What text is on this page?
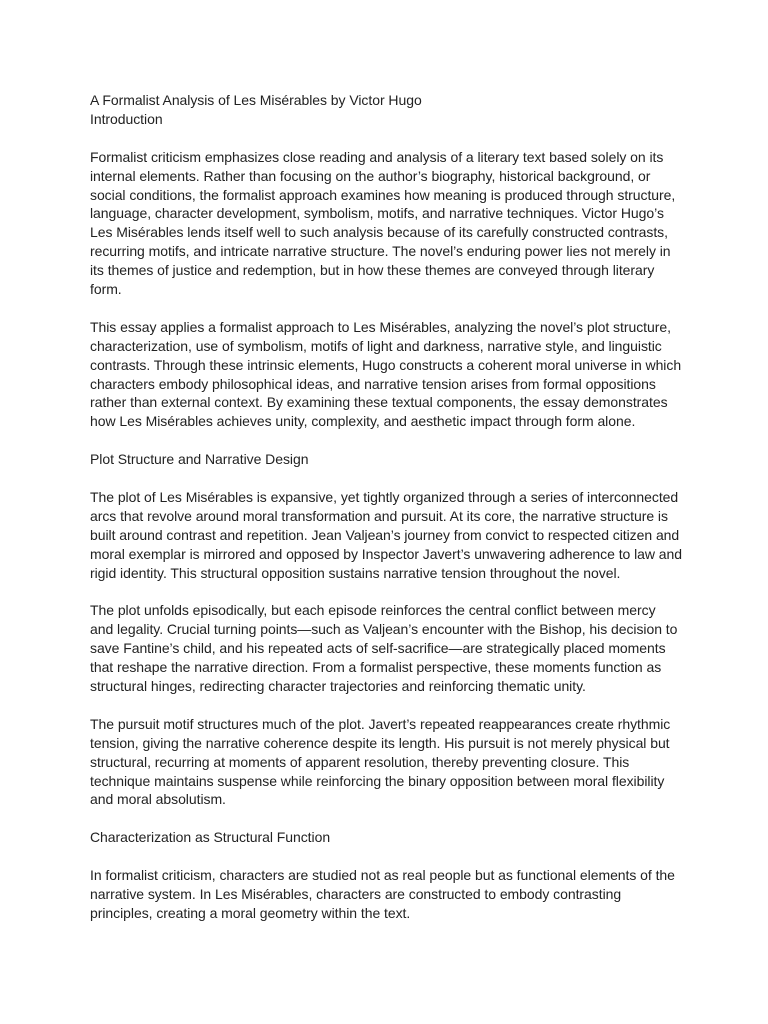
A Formalist Analysis of Les Misérables by Victor Hugo

Introduction

Formalist criticism emphasizes close reading and analysis of a literary text based solely on its internal elements. Rather than focusing on the author’s biography, historical background, or social conditions, the formalist approach examines how meaning is produced through structure, language, character development, symbolism, motifs, and narrative techniques. Victor Hugo’s Les Misérables lends itself well to such analysis because of its carefully constructed contrasts, recurring motifs, and intricate narrative structure. The novel’s enduring power lies not merely in its themes of justice and redemption, but in how these themes are conveyed through literary form.

This essay applies a formalist approach to Les Misérables, analyzing the novel’s plot structure, characterization, use of symbolism, motifs of light and darkness, narrative style, and linguistic contrasts. Through these intrinsic elements, Hugo constructs a coherent moral universe in which characters embody philosophical ideas, and narrative tension arises from formal oppositions rather than external context. By examining these textual components, the essay demonstrates how Les Misérables achieves unity, complexity, and aesthetic impact through form alone.

Plot Structure and Narrative Design

The plot of Les Misérables is expansive, yet tightly organized through a series of interconnected arcs that revolve around moral transformation and pursuit. At its core, the narrative structure is built around contrast and repetition. Jean Valjean’s journey from convict to respected citizen and moral exemplar is mirrored and opposed by Inspector Javert’s unwavering adherence to law and rigid identity. This structural opposition sustains narrative tension throughout the novel.

The plot unfolds episodically, but each episode reinforces the central conflict between mercy and legality. Crucial turning points—such as Valjean’s encounter with the Bishop, his decision to save Fantine’s child, and his repeated acts of self-sacrifice—are strategically placed moments that reshape the narrative direction. From a formalist perspective, these moments function as structural hinges, redirecting character trajectories and reinforcing thematic unity.

The pursuit motif structures much of the plot. Javert’s repeated reappearances create rhythmic tension, giving the narrative coherence despite its length. His pursuit is not merely physical but structural, recurring at moments of apparent resolution, thereby preventing closure. This technique maintains suspense while reinforcing the binary opposition between moral flexibility and moral absolutism.

Characterization as Structural Function

In formalist criticism, characters are studied not as real people but as functional elements of the narrative system. In Les Misérables, characters are constructed to embody contrasting principles, creating a moral geometry within the text.
